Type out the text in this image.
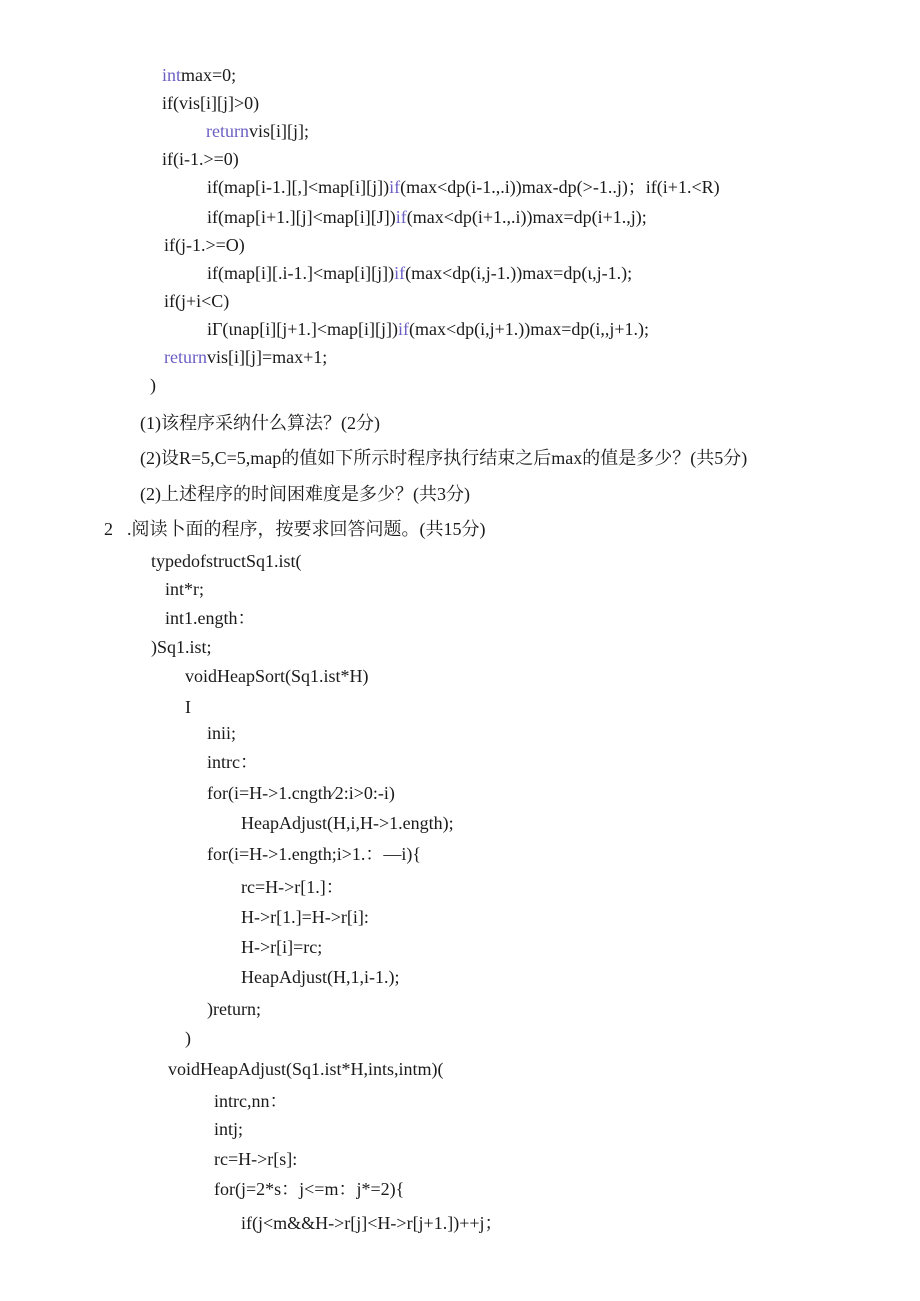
intmax=0;
if(vis[i][j]>0)
returnvis[i][j];
if(i-1.>=0)
if(map[i-1.][,]<map[i][j])if(max<dp(i-1.,.i))max-dp(>-1..j)；if(i+1.<R)
if(map[i+1.][j]<map[i][J])if(max<dp(i+1.,.i))max=dp(i+1.,j);
if(j-1.>=O)
if(map[i][.i-1.]<map[i][j])if(max<dp(i,j-1.))max=dp(ι,j-1.);
if(j+i<C)
iΓ(ιnap[i][j+1.]<map[i][j])if(max<dp(i,j+1.))max=dp(i,,j+1.);
returnvis[i][j]=max+1;
)
(1)该程序采纳什么算法？(2分)
(2)设R=5,C=5,map的值如下所示时程序执行结束之后max的值是多少？(共5分)
(2)上述程序的时间困难度是多少？(共3分)
2 .阅读卜面的程序，按要求回答问题。(共15分)
typedofstructSq1.ist(
int*r;
int1.ength：
)Sq1.ist;
voidHeapSort(Sq1.ist*H)
I
inii;
intrc：
for(i=H->1.cngth∕2:i>0:-i)
HeapAdjust(H,i,H->1.ength);
for(i=H->1.ength;i>1.：—i){
rc=H->r[1.]：
H->r[1.]=H->r[i]:
H->r[i]=rc;
HeapAdjust(H,1,i-1.);
)return;
)
voidHeapAdjust(Sq1.ist*H,ints,intm)(
intrc,nn：
intj;
rc=H->r[s]:
for(j=2*s：j<=m：j*=2){
if(j<m&&H->r[j]<H->r[j+1.])++j；
